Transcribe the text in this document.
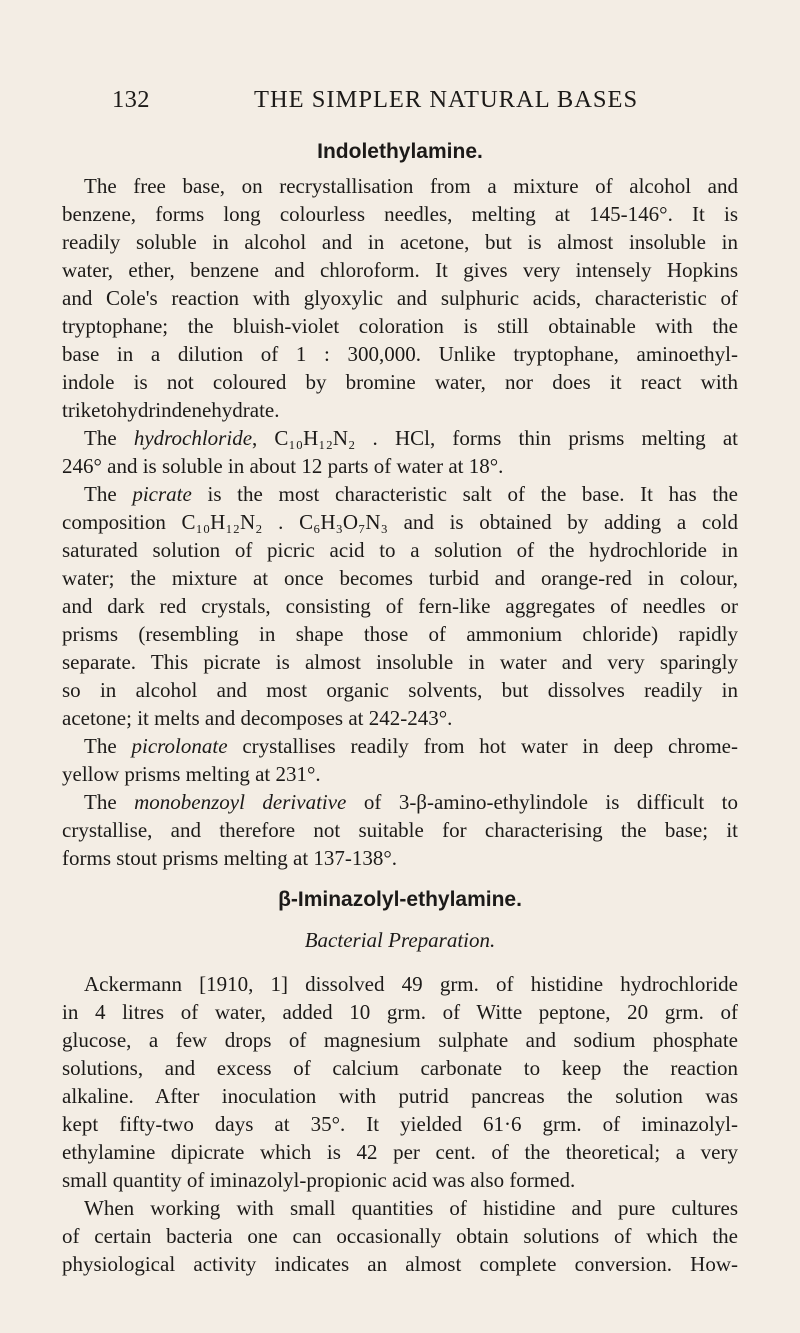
132	THE SIMPLER NATURAL BASES
Indolethylamine.
The free base, on recrystallisation from a mixture of alcohol and
benzene, forms long colourless needles, melting at 145-146°. It is
readily soluble in alcohol and in acetone, but is almost insoluble in
water, ether, benzene and chloroform. It gives very intensely Hopkins
and Cole's reaction with glyoxylic and sulphuric acids, characteristic of
tryptophane; the bluish-violet coloration is still obtainable with the
base in a dilution of 1 : 300,000. Unlike tryptophane, aminoethyl-
indole is not coloured by bromine water, nor does it react with
triketohydrindenehydrate.
The hydrochloride, C₁₀H₁₂N₂ . HCl, forms thin prisms melting at
246° and is soluble in about 12 parts of water at 18°.
The picrate is the most characteristic salt of the base. It has the
composition C₁₀H₁₂N₂ . C₆H₃O₇N₃ and is obtained by adding a cold
saturated solution of picric acid to a solution of the hydrochloride in
water; the mixture at once becomes turbid and orange-red in colour,
and dark red crystals, consisting of fern-like aggregates of needles or
prisms (resembling in shape those of ammonium chloride) rapidly
separate. This picrate is almost insoluble in water and very sparingly
so in alcohol and most organic solvents, but dissolves readily in
acetone; it melts and decomposes at 242-243°.
The picrolonate crystallises readily from hot water in deep chrome-
yellow prisms melting at 231°.
The monobenzoyl derivative of 3-β-amino-ethylindole is difficult to
crystallise, and therefore not suitable for characterising the base; it
forms stout prisms melting at 137-138°.
β-Iminazolyl-ethylamine.
Bacterial Preparation.
Ackermann [1910, 1] dissolved 49 grm. of histidine hydrochloride
in 4 litres of water, added 10 grm. of Witte peptone, 20 grm. of
glucose, a few drops of magnesium sulphate and sodium phosphate
solutions, and excess of calcium carbonate to keep the reaction
alkaline. After inoculation with putrid pancreas the solution was
kept fifty-two days at 35°. It yielded 61·6 grm. of iminazolyl-
ethylamine dipicrate which is 42 per cent. of the theoretical; a very
small quantity of iminazolyl-propionic acid was also formed.
When working with small quantities of histidine and pure cultures
of certain bacteria one can occasionally obtain solutions of which the
physiological activity indicates an almost complete conversion. How-
